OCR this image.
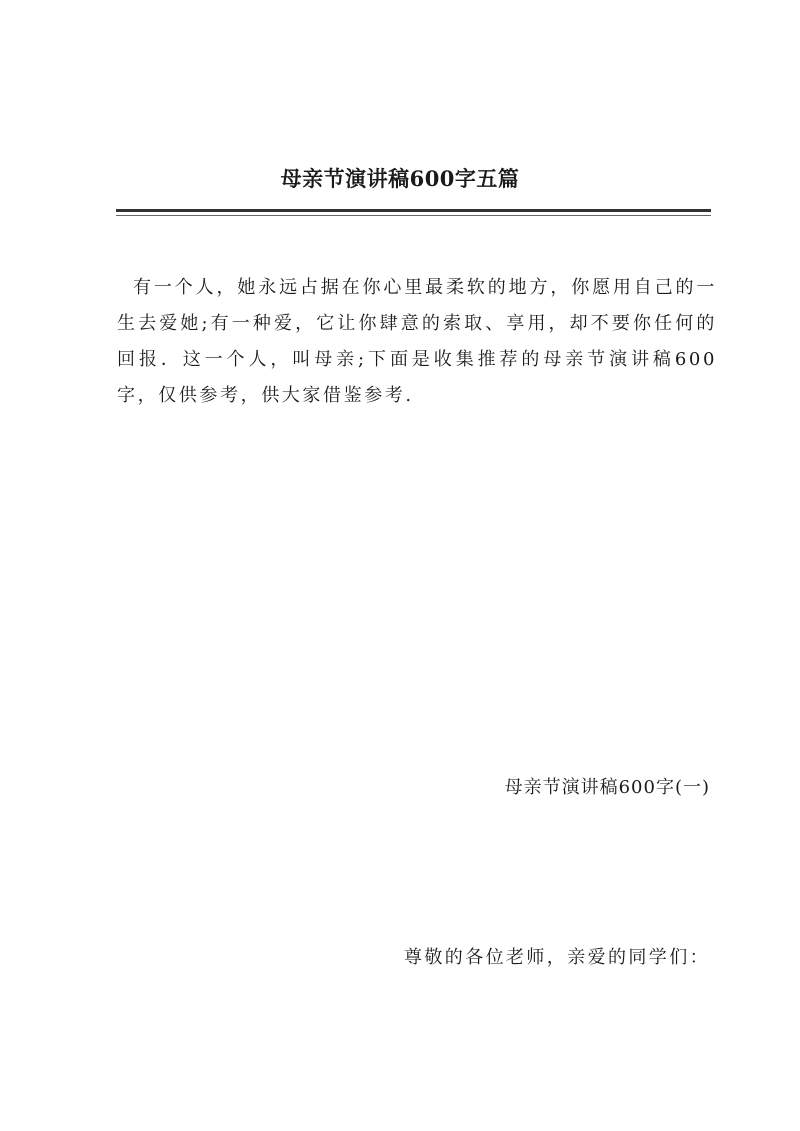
母亲节演讲稿600字五篇

有一个人，她永远占据在你心里最柔软的地方，你愿用自己的一生去爱她;有一种爱，它让你肆意的索取、享用，却不要你任何的回报．这一个人，叫母亲;下面是收集推荐的母亲节演讲稿600字，仅供参考，供大家借鉴参考.

母亲节演讲稿600字(一)
尊敬的各位老师，亲爱的同学们：
